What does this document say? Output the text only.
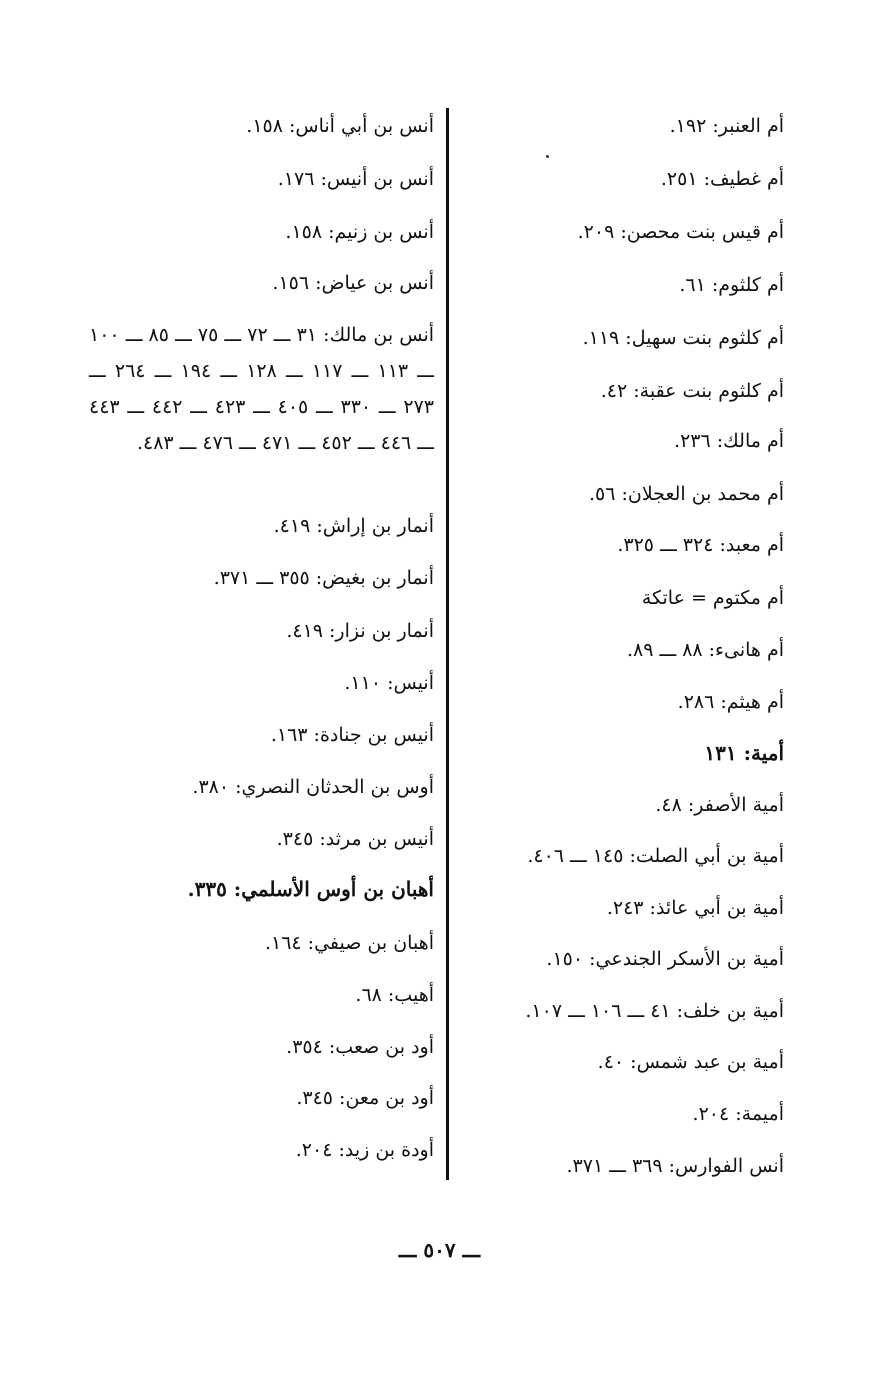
أم العنبر: ١٩٢.
أم غطيف: ٢٥١.
أم قيس بنت محصن: ٢٠٩.
أم كلثوم: ٦١.
أم كلثوم بنت سهيل: ١١٩.
أم كلثوم بنت عقبة: ٤٢.
أم مالك: ٢٣٦.
أم محمد بن العجلان: ٥٦.
أم معبد: ٣٢٤ ـــ ٣٢٥.
أم مكتوم = عاتكة
أم هانىء: ٨٨ ـــ ٨٩.
أم هيثم: ٢٨٦.
أمية: ١٣١
أمية الأصفر: ٤٨.
أمية بن أبي الصلت: ١٤٥ ـــ ٤٠٦.
أمية بن أبي عائذ: ٢٤٣.
أمية بن الأسكر الجندعي: ١٥٠.
أمية بن خلف: ٤١ ـــ ١٠٦ ـــ ١٠٧.
أمية بن عبد شمس: ٤٠.
أميمة: ٢٠٤.
أنس الفوارس: ٣٦٩ ـــ ٣٧١.
أنس بن أبي أناس: ١٥٨.
أنس بن أنيس: ١٧٦.
أنس بن زنيم: ١٥٨.
أنس بن عياض: ١٥٦.
أنس بن مالك: ٣١ ـــ ٧٢ ـــ ٧٥ ـــ ٨٥ ـــ ١٠٠ ـــ ١١٣ ـــ ١١٧ ـــ ١٢٨ ـــ ١٩٤ ـــ ٢٦٤ ـــ ٢٧٣ ـــ ٣٣٠ ـــ ٤٠٥ ـــ ٤٢٣ ـــ ٤٤٢ ـــ ٤٤٣ ـــ ٤٤٦ ـــ ٤٥٢ ـــ ٤٧١ ـــ ٤٧٦ ـــ ٤٨٣.
أنمار بن إراش: ٤١٩.
أنمار بن بغيض: ٣٥٥ ـــ ٣٧١.
أنمار بن نزار: ٤١٩.
أنيس: ١١٠.
أنيس بن جنادة: ١٦٣.
أوس بن الحدثان النصري: ٣٨٠.
أنيس بن مرثد: ٣٤٥.
أهبان بن أوس الأسلمي: ٣٣٥.
أهبان بن صيفي: ١٦٤.
أهيب: ٦٨.
أود بن صعب: ٣٥٤.
أود بن معن: ٣٤٥.
أودة بن زيد: ٢٠٤.
ـــ ٥٠٧ ـــ
